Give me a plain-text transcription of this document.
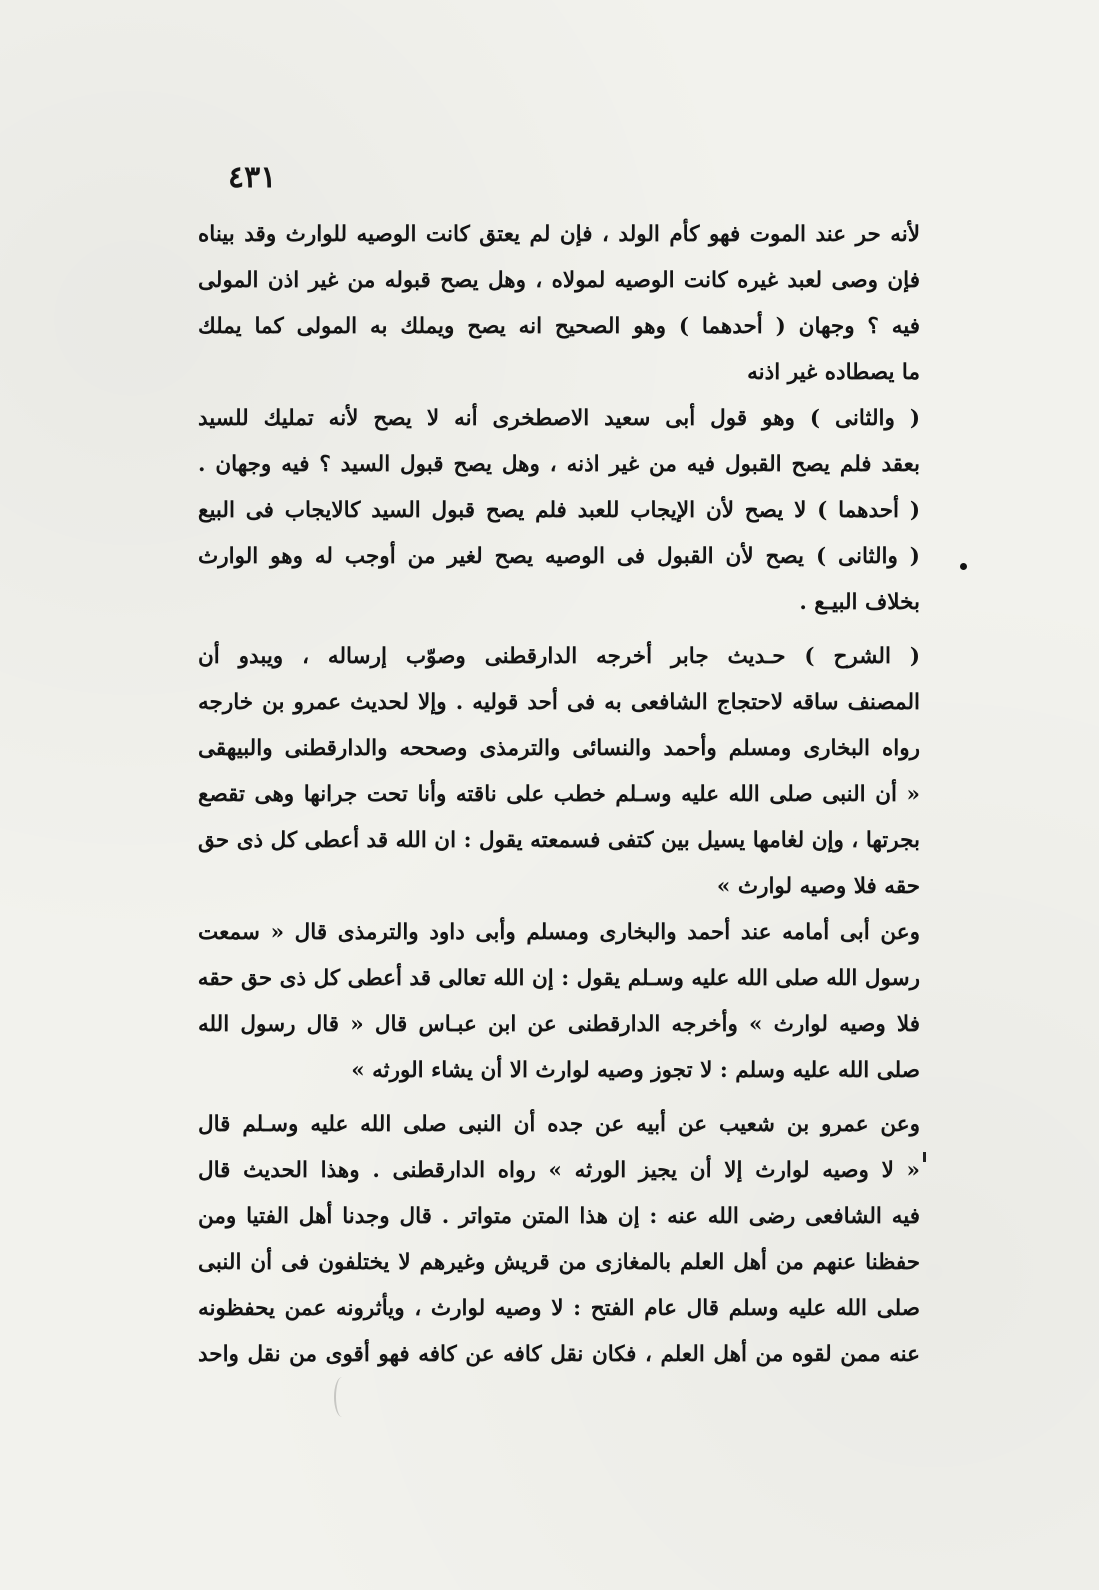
٤٣١
لأنه حر عند الموت فهو كأم الولد ، فإن لم يعتق كانت الوصيه للوارث وقد بيناه
فإن وصى لعبد غيره كانت الوصيه لمولاه ، وهل يصح قبوله من غير اذن المولى
فيه ؟ وجهان ( أحدهما ) وهو الصحيح انه يصح ويملك به المولى كما يملك
ما يصطاده غير اذنه
( والثانى ) وهو قول أبى سعيد الاصطخرى أنه لا يصح لأنه تمليك للسيد
بعقد فلم يصح القبول فيه من غير اذنه ، وهل يصح قبول السيد ؟ فيه وجهان .
( أحدهما ) لا يصح لأن الإيجاب للعبد فلم يصح قبول السيد كالايجاب فى البيع
( والثانى ) يصح لأن القبول فى الوصيه يصح لغير من أوجب له وهو الوارث
بخلاف البيـع .
( الشرح ) حـديث جابر أخرجه الدارقطنى وصوّب إرساله ، ويبدو أن
المصنف ساقه لاحتجاج الشافعى به فى أحد قوليه . وإلا لحديث عمرو بن خارجه
رواه البخارى ومسلم وأحمد والنسائى والترمذى وصححه والدارقطنى والبيهقى
« أن النبى صلى الله عليه وسـلم خطب على ناقته وأنا تحت جرانها وهى تقصع
بجرتها ، وإن لغامها يسيل بين كتفى فسمعته يقول : ان الله قد أعطى كل ذى حق
حقه فلا وصيه لوارث »
وعن أبى أمامه عند أحمد والبخارى ومسلم وأبى داود والترمذى قال « سمعت
رسول الله صلى الله عليه وسـلم يقول : إن الله تعالى قد أعطى كل ذى حق حقه
فلا وصيه لوارث » وأخرجه الدارقطنى عن ابن عبـاس قال « قال رسول الله
صلى الله عليه وسلم : لا تجوز وصيه لوارث الا أن يشاء الورثه »
وعن عمرو بن شعيب عن أبيه عن جده أن النبى صلى الله عليه وسـلم قال
« لا وصيه لوارث إلا أن يجيز الورثه » رواه الدارقطنى . وهذا الحديث قال
فيه الشافعى رضى الله عنه : إن هذا المتن متواتر . قال وجدنا أهل الفتيا ومن
حفظنا عنهم من أهل العلم بالمغازى من قريش وغيرهم لا يختلفون فى أن النبى
صلى الله عليه وسلم قال عام الفتح : لا وصيه لوارث ، ويأثرونه عمن يحفظونه
عنه ممن لقوه من أهل العلم ، فكان نقل كافه عن كافه فهو أقوى من نقل واحد
